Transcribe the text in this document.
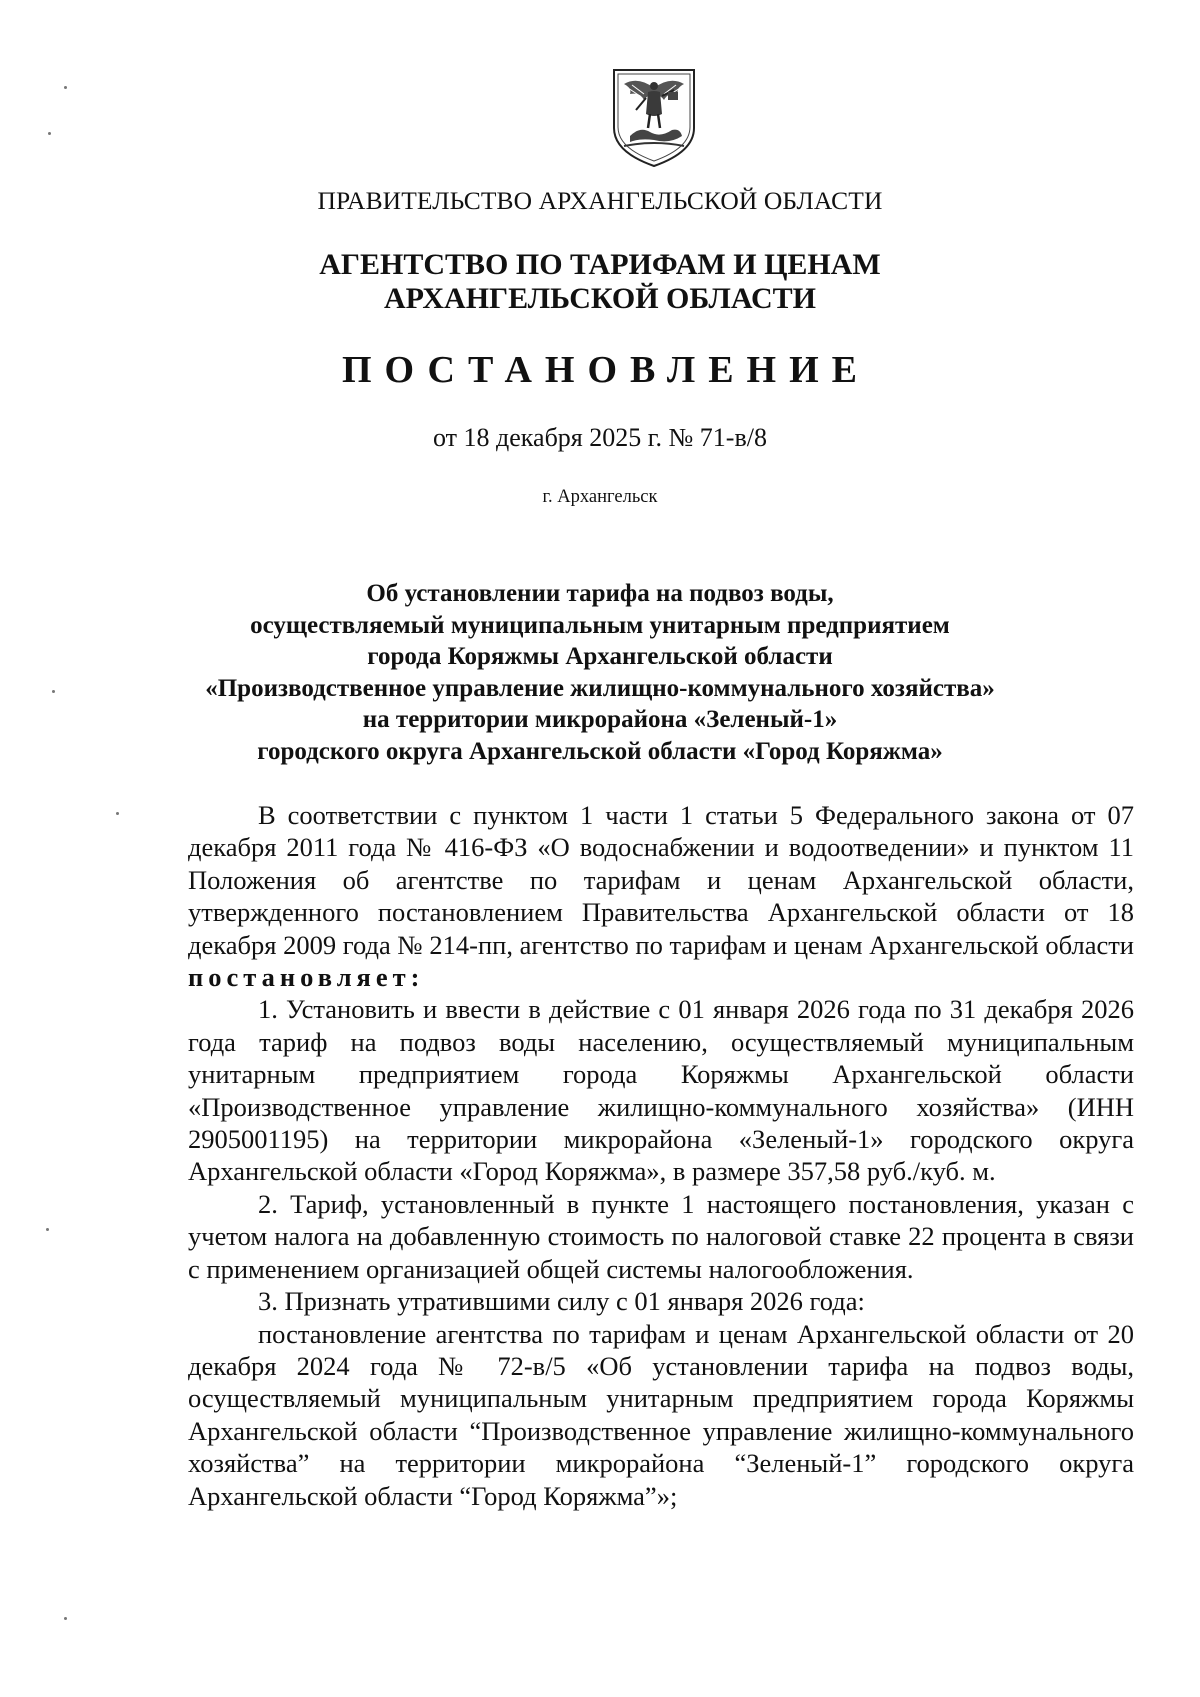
ПРАВИТЕЛЬСТВО АРХАНГЕЛЬСКОЙ ОБЛАСТИ
АГЕНТСТВО ПО ТАРИФАМ И ЦЕНАМ
АРХАНГЕЛЬСКОЙ ОБЛАСТИ
ПОСТАНОВЛЕНИЕ
от 18 декабря 2025 г. № 71-в/8
г. Архангельск
Об установлении тарифа на подвоз воды,
осуществляемый муниципальным унитарным предприятием
города Коряжмы Архангельской области
«Производственное управление жилищно-коммунального хозяйства»
на территории микрорайона «Зеленый-1»
городского округа Архангельской области «Город Коряжма»

В соответствии с пунктом 1 части 1 статьи 5 Федерального закона от 07 декабря 2011 года № 416-ФЗ «О водоснабжении и водоотведении» и пунктом 11 Положения об агентстве по тарифам и ценам Архангельской области, утвержденного постановлением Правительства Архангельской области от 18 декабря 2009 года № 214-пп, агентство по тарифам и ценам Архангельской области постановляет:

1. Установить и ввести в действие с 01 января 2026 года по 31 декабря 2026 года тариф на подвоз воды населению, осуществляемый муниципальным унитарным предприятием города Коряжмы Архангельской области «Производственное управление жилищно-коммунального хозяйства» (ИНН 2905001195) на территории микрорайона «Зеленый-1» городского округа Архангельской области «Город Коряжма», в размере 357,58 руб./куб. м.

2. Тариф, установленный в пункте 1 настоящего постановления, указан с учетом налога на добавленную стоимость по налоговой ставке 22 процента в связи с применением организацией общей системы налогообложения.

3. Признать утратившими силу с 01 января 2026 года:

постановление агентства по тарифам и ценам Архангельской области от 20 декабря 2024 года № 72-в/5 «Об установлении тарифа на подвоз воды, осуществляемый муниципальным унитарным предприятием города Коряжмы Архангельской области “Производственное управление жилищно-коммунального хозяйства” на территории микрорайона “Зеленый-1” городского округа Архангельской области “Город Коряжма”»;
